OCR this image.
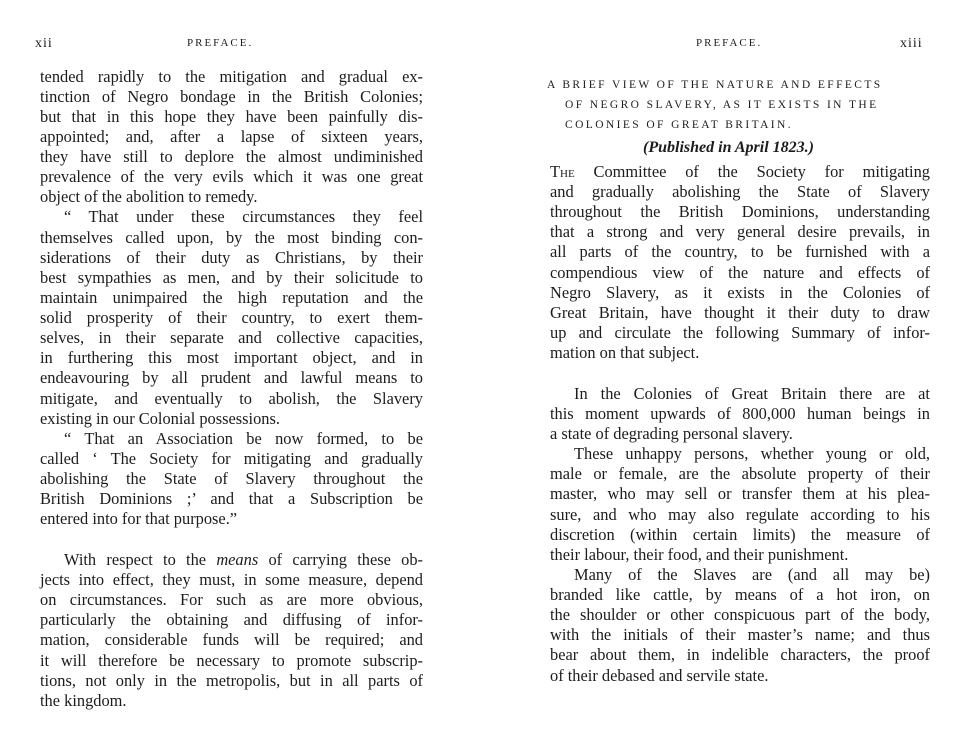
xii	PREFACE.
tended rapidly to the mitigation and gradual ex-
tinction of Negro bondage in the British Colonies;
but that in this hope they have been painfully dis-
appointed; and, after a lapse of sixteen years,
they have still to deplore the almost undiminished
prevalence of the very evils which it was one great
object of the abolition to remedy.
“ That under these circumstances they feel
themselves called upon, by the most binding con-
siderations of their duty as Christians, by their
best sympathies as men, and by their solicitude to
maintain unimpaired the high reputation and the
solid prosperity of their country, to exert them-
selves, in their separate and collective capacities,
in furthering this most important object, and in
endeavouring by all prudent and lawful means to
mitigate, and eventually to abolish, the Slavery
existing in our Colonial possessions.
“ That an Association be now formed, to be
called ‘ The Society for mitigating and gradually
abolishing the State of Slavery throughout the
British Dominions ;’ and that a Subscription be
entered into for that purpose.”
With respect to the means of carrying these ob-
jects into effect, they must, in some measure, depend
on circumstances. For such as are more obvious,
particularly the obtaining and diffusing of infor-
mation, considerable funds will be required; and
it will therefore be necessary to promote subscrip-
tions, not only in the metropolis, but in all parts of
the kingdom.
PREFACE.	xiii
A BRIEF VIEW OF THE NATURE AND EFFECTS
OF NEGRO SLAVERY, AS IT EXISTS IN THE
COLONIES OF GREAT BRITAIN.
(Published in April 1823.)
The Committee of the Society for mitigating
and gradually abolishing the State of Slavery
throughout the British Dominions, understanding
that a strong and very general desire prevails, in
all parts of the country, to be furnished with a
compendious view of the nature and effects of
Negro Slavery, as it exists in the Colonies of
Great Britain, have thought it their duty to draw
up and circulate the following Summary of infor-
mation on that subject.
In the Colonies of Great Britain there are at
this moment upwards of 800,000 human beings in
a state of degrading personal slavery.
These unhappy persons, whether young or old,
male or female, are the absolute property of their
master, who may sell or transfer them at his plea-
sure, and who may also regulate according to his
discretion (within certain limits) the measure of
their labour, their food, and their punishment.
Many of the Slaves are (and all may be)
branded like cattle, by means of a hot iron, on
the shoulder or other conspicuous part of the body,
with the initials of their master’s name; and thus
bear about them, in indelible characters, the proof
of their debased and servile state.
